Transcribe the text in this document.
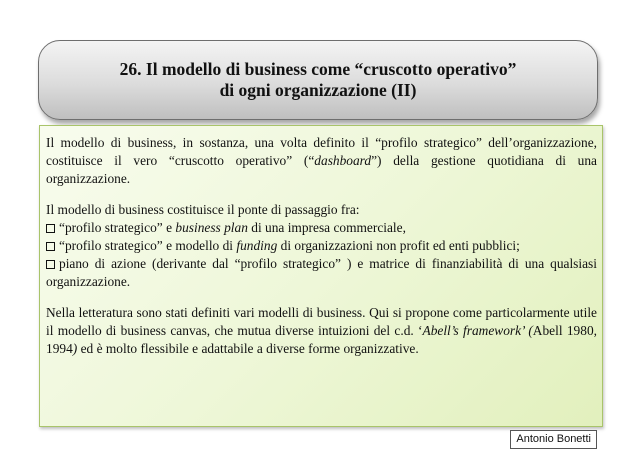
26. Il modello di business come “cruscotto operativo”
di ogni organizzazione (II)

Il modello di business, in sostanza, una volta definito il “profilo strategico” dell’organizzazione, costituisce il vero “cruscotto operativo” (“dashboard”) della gestione quotidiana di una organizzazione.

Il modello di business costituisce il ponte di passaggio fra:

“profilo strategico” e business plan di una impresa commerciale,

“profilo strategico” e modello di funding di organizzazioni non profit ed enti pubblici;

piano di azione (derivante dal “profilo strategico” ) e matrice di finanziabilità di una qualsiasi organizzazione.

Nella letteratura sono stati definiti vari modelli di business. Qui si propone come particolarmente utile il modello di business canvas, che mutua diverse intuizioni del c.d. ‘Abell’s framework’ (Abell 1980, 1994) ed è molto flessibile e adattabile a diverse forme organizzative.

Antonio Bonetti
